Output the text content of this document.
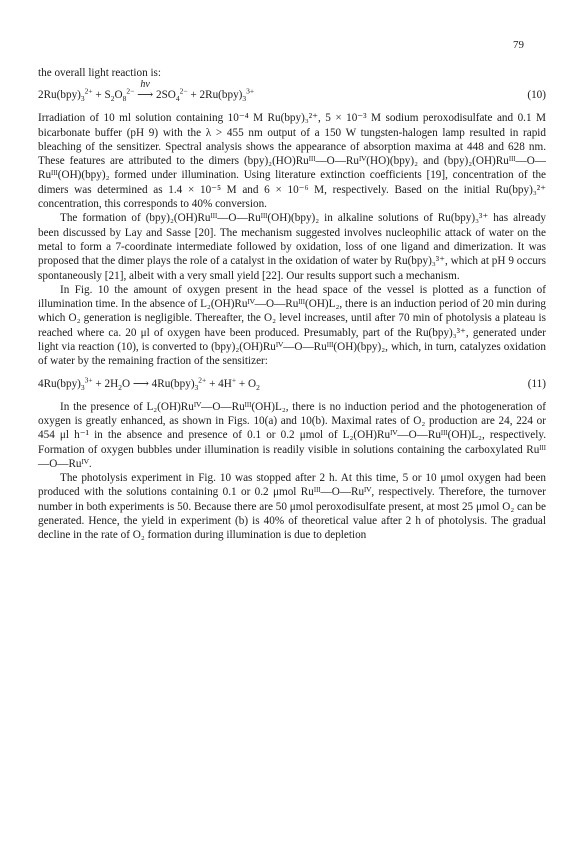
79

the overall light reaction is:

$2Ru(bpy)_3^{2+} + S_2O_8^{2-}$
hν
⟶ $2SO_4^{2-} + 2Ru(bpy)_3^{3+}$	(10)

Irradiation of 10 ml solution containing 10⁻⁴ M Ru(bpy)₃²⁺, 5 × 10⁻³ M sodium peroxodisulfate and 0.1 M bicarbonate buffer (pH 9) with the λ > 455 nm output of a 150 W tungsten-halogen lamp resulted in rapid bleaching of the sensitizer. Spectral analysis shows the appearance of absorption maxima at 448 and 628 nm. These features are attributed to the dimers (bpy)₂(HO)Ruᴵᴵᴵ—O—Ruᴵⱽ(HO)(bpy)₂ and (bpy)₂(OH)Ruᴵᴵᴵ—O—Ruᴵᴵᴵ(OH)(bpy)₂ formed under illumination. Using literature extinction coefficients [19], concentration of the dimers was determined as 1.4 × 10⁻⁵ M and 6 × 10⁻⁶ M, respectively. Based on the initial Ru(bpy)₃²⁺ concentration, this corresponds to 40% conversion.

The formation of (bpy)₂(OH)Ruᴵᴵᴵ—O—Ruᴵᴵᴵ(OH)(bpy)₂ in alkaline solutions of Ru(bpy)₃³⁺ has already been discussed by Lay and Sasse [20]. The mechanism suggested involves nucleophilic attack of water on the metal to form a 7-coordinate intermediate followed by oxidation, loss of one ligand and dimerization. It was proposed that the dimer plays the role of a catalyst in the oxidation of water by Ru(bpy)₃³⁺, which at pH 9 occurs spontaneously [21], albeit with a very small yield [22]. Our results support such a mechanism.

In Fig. 10 the amount of oxygen present in the head space of the vessel is plotted as a function of illumination time. In the absence of L₂(OH)Ruᴵⱽ—O—Ruᴵᴵᴵ(OH)L₂, there is an induction period of 20 min during which O₂ generation is negligible. Thereafter, the O₂ level increases, until after 70 min of photolysis a plateau is reached where ca. 20 μl of oxygen have been produced. Presumably, part of the Ru(bpy)₃³⁺, generated under light via reaction (10), is converted to (bpy)₂(OH)Ruᴵⱽ—O—Ruᴵᴵᴵ(OH)(bpy)₂, which, in turn, catalyzes oxidation of water by the remaining fraction of the sensitizer:

$4Ru(bpy)_3^{3+} + 2H_2O$ ⟶ $4Ru(bpy)_3^{2+} + 4H^+ + O_2$	(11)

In the presence of L₂(OH)Ruᴵⱽ—O—Ruᴵᴵᴵ(OH)L₂, there is no induction period and the photogeneration of oxygen is greatly enhanced, as shown in Figs. 10(a) and 10(b). Maximal rates of O₂ production are 24, 224 or 454 μl h⁻¹ in the absence and presence of 0.1 or 0.2 μmol of L₂(OH)Ruᴵⱽ—O—Ruᴵᴵᴵ(OH)L₂, respectively. Formation of oxygen bubbles under illumination is readily visible in solutions containing the carboxylated Ruᴵᴵᴵ—O—Ruᴵⱽ.

The photolysis experiment in Fig. 10 was stopped after 2 h. At this time, 5 or 10 μmol oxygen had been produced with the solutions containing 0.1 or 0.2 μmol Ruᴵᴵᴵ—O—Ruᴵⱽ, respectively. Therefore, the turnover number in both experiments is 50. Because there are 50 μmol peroxodisulfate present, at most 25 μmol O₂ can be generated. Hence, the yield in experiment (b) is 40% of theoretical value after 2 h of photolysis. The gradual decline in the rate of O₂ formation during illumination is due to depletion
